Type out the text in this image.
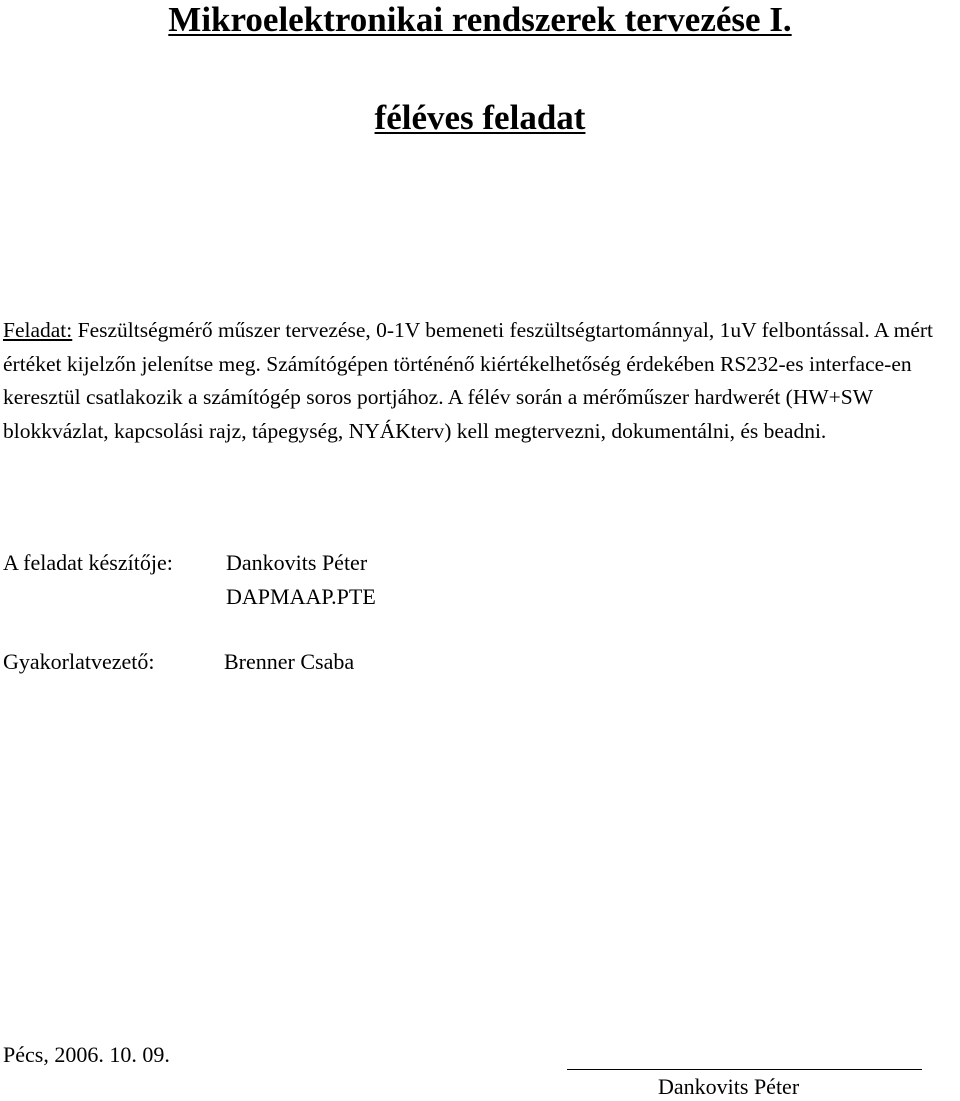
Mikroelektronikai rendszerek tervezése I.
féléves feladat

Feladat: Feszültségmérő műszer tervezése, 0-1V bemeneti feszültségtartománnyal, 1uV felbontással. A mért értéket kijelzőn jelenítse meg. Számítógépen történénő kiértékelhetőség érdekében RS232-es interface-en keresztül csatlakozik a számítógép soros portjához. A félév során a mérőműszer hardwerét (HW+SW blokkvázlat, kapcsolási rajz, tápegység, NYÁKterv) kell megtervezni, dokumentálni, és beadni.

A feladat készítője: Dankovits Péter
DAPMAAP.PTE
Gyakorlatvezető:	Brenner Csaba
Pécs, 2006. 10. 09.
Dankovits Péter
